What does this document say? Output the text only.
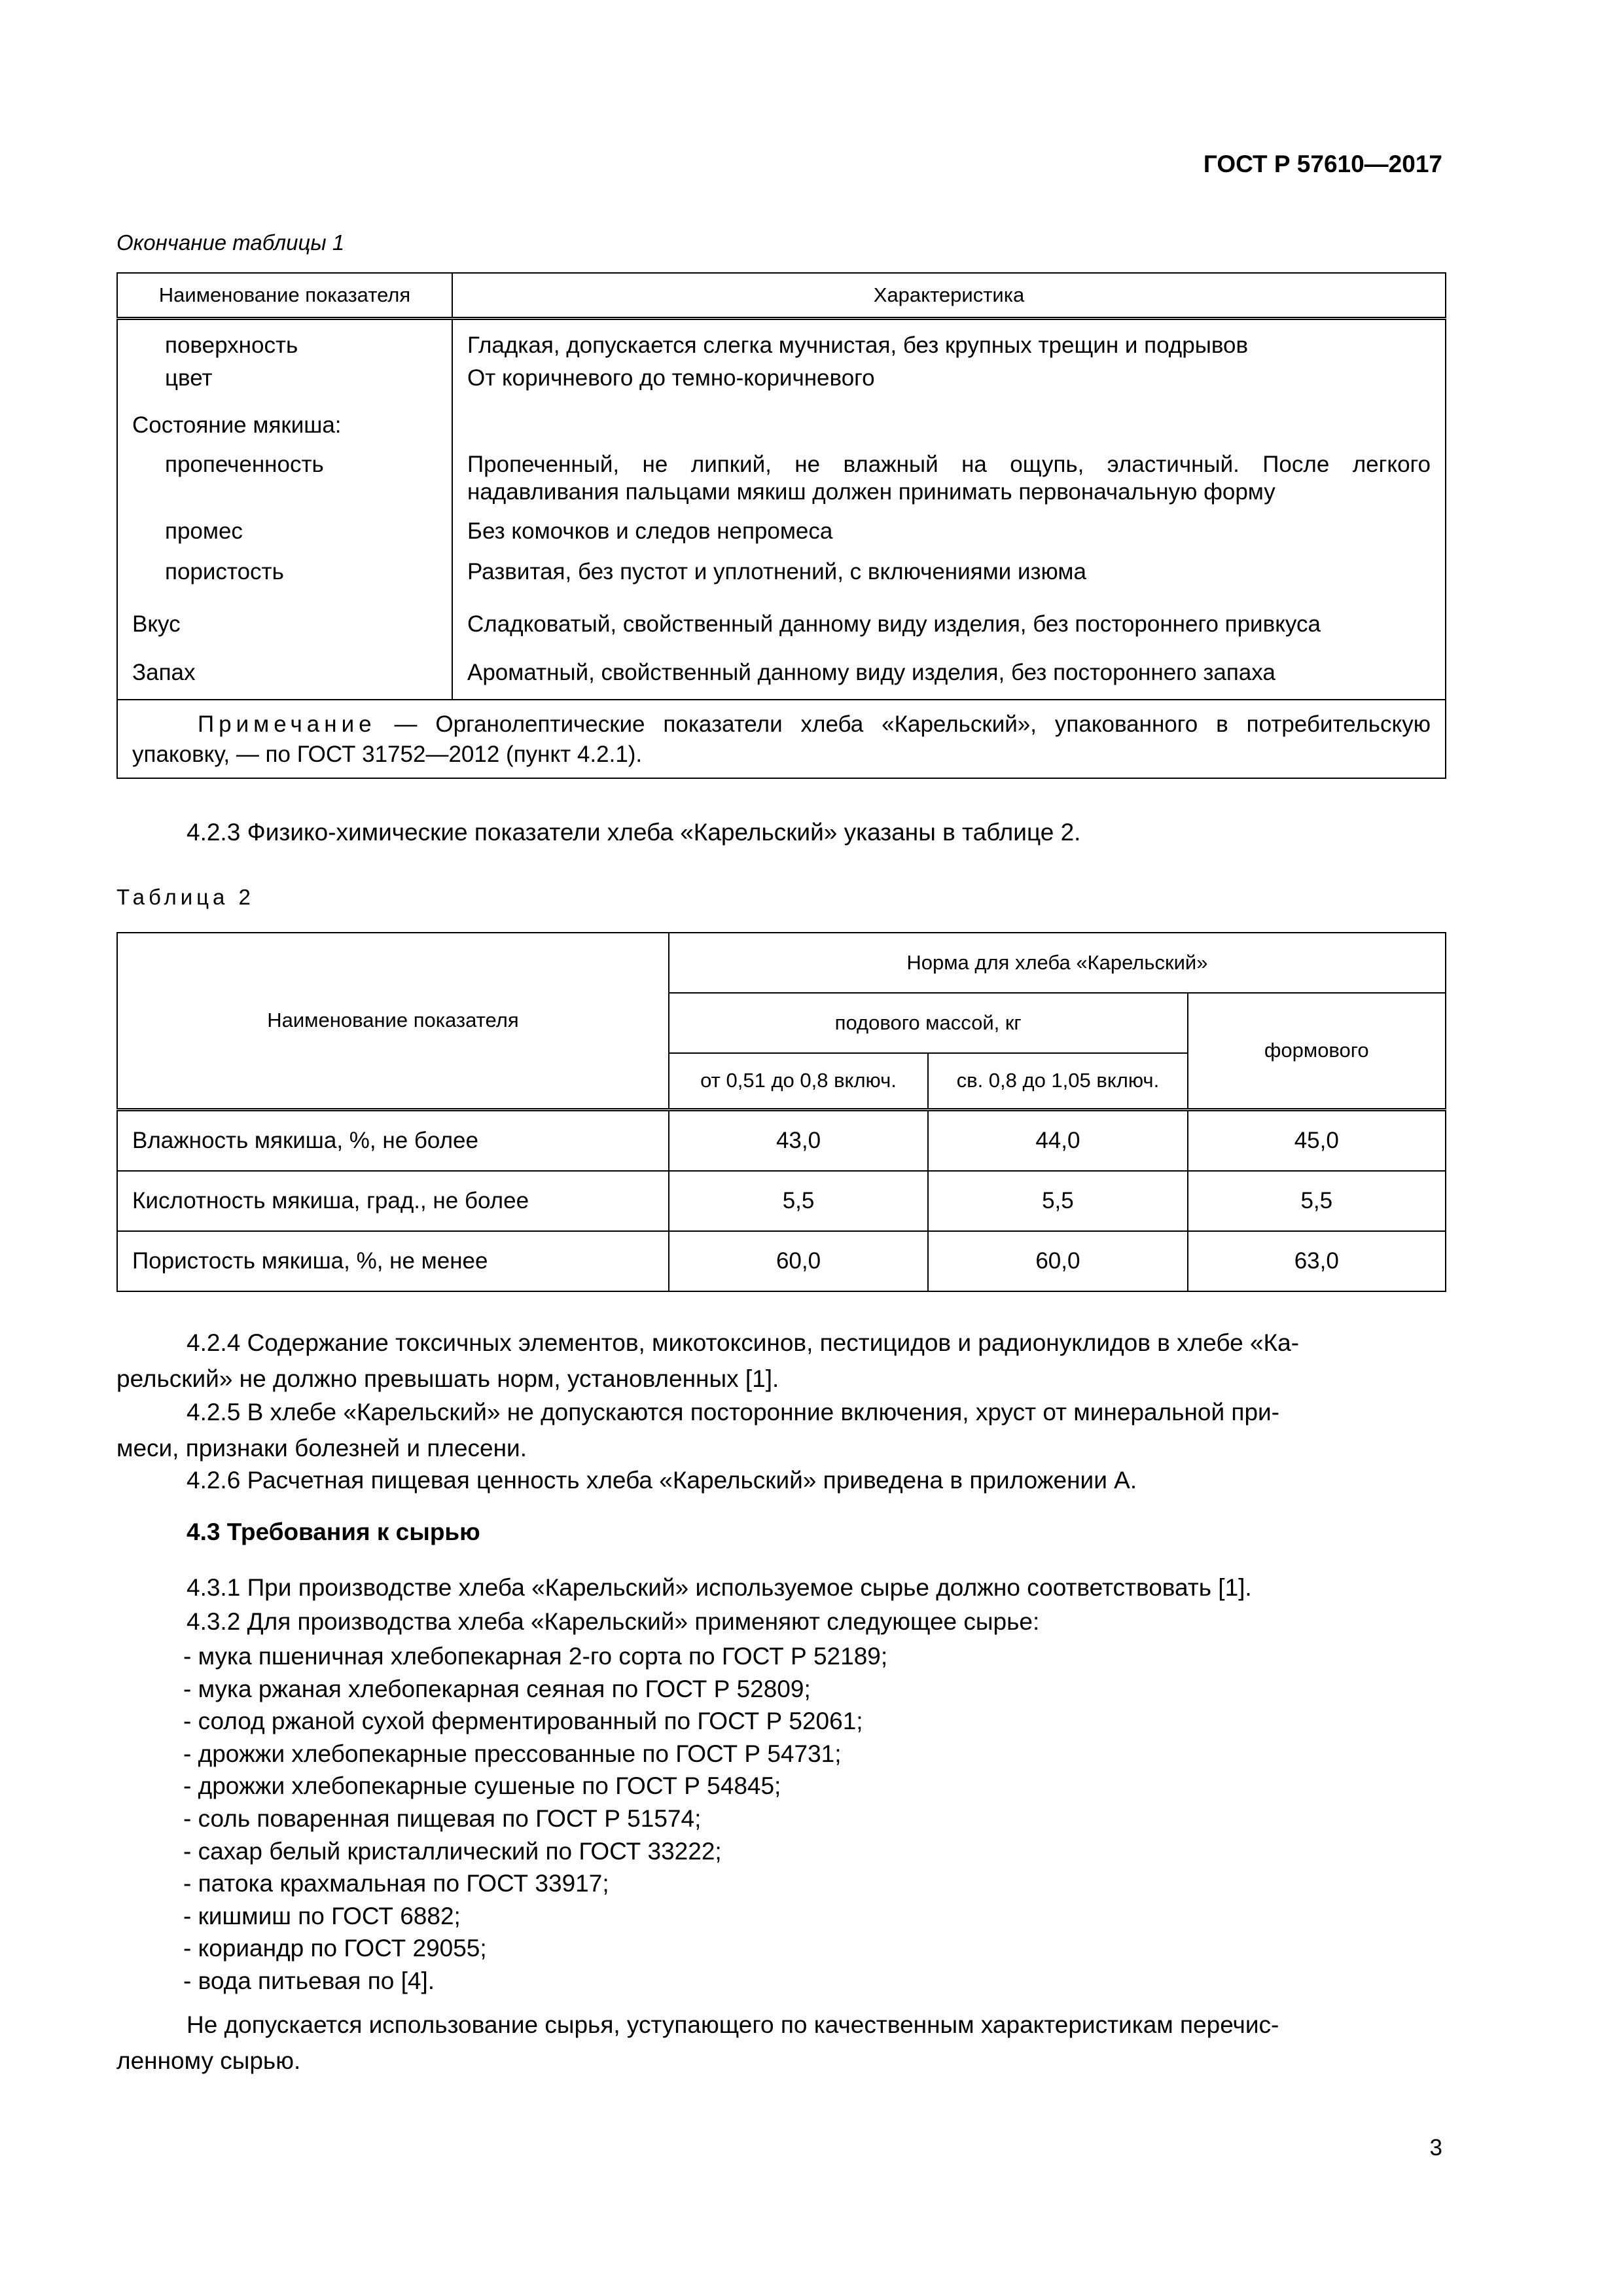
ГОСТ Р 57610—2017
Окончание таблицы 1
Наименование показателя	Характеристика
поверхность	Гладкая, допускается слегка мучнистая, без крупных трещин и подрывов
цвет	От коричневого до темно-коричневого
Состояние мякиша:	
пропеченность	Пропеченный, не липкий, не влажный на ощупь, эластичный. После легкого надавливания пальцами мякиш должен принимать первоначальную форму
промес	Без комочков и следов непромеса
пористость	Развитая, без пустот и уплотнений, с включениями изюма
Вкус	Сладковатый, свойственный данному виду изделия, без постороннего привкуса
Запах	Ароматный, свойственный данному виду изделия, без постороннего запаха
Примечание — Органолептические показатели хлеба «Карельский», упакованного в потребительскую упаковку, — по ГОСТ 31752—2012 (пункт 4.2.1).	
4.2.3 Физико-химические показатели хлеба «Карельский» указаны в таблице 2.
Таблица 2
Наименование показателя	Норма для хлеба «Карельский»		
	подового массой, кг		формового
	от 0,51 до 0,8 включ.	св. 0,8 до 1,05 включ.	
Влажность мякиша, %, не более	43,0	44,0	45,0
Кислотность мякиша, град., не более	5,5	5,5	5,5
Пористость мякиша, %, не менее	60,0	60,0	63,0
4.2.4 Содержание токсичных элементов, микотоксинов, пестицидов и радионуклидов в хлебе «Ка-
рельский» не должно превышать норм, установленных [1].
4.2.5 В хлебе «Карельский» не допускаются посторонние включения, хруст от минеральной при-
меси, признаки болезней и плесени.
4.2.6 Расчетная пищевая ценность хлеба «Карельский» приведена в приложении А.
4.3 Требования к сырью
4.3.1 При производстве хлеба «Карельский» используемое сырье должно соответствовать [1].
4.3.2 Для производства хлеба «Карельский» применяют следующее сырье:
- мука пшеничная хлебопекарная 2-го сорта по ГОСТ Р 52189;
- мука ржаная хлебопекарная сеяная по ГОСТ Р 52809;
- солод ржаной сухой ферментированный по ГОСТ Р 52061;
- дрожжи хлебопекарные прессованные по ГОСТ Р 54731;
- дрожжи хлебопекарные сушеные по ГОСТ Р 54845;
- соль поваренная пищевая по ГОСТ Р 51574;
- сахар белый кристаллический по ГОСТ 33222;
- патока крахмальная по ГОСТ 33917;
- кишмиш по ГОСТ 6882;
- кориандр по ГОСТ 29055;
- вода питьевая по [4].
Не допускается использование сырья, уступающего по качественным характеристикам перечис-
ленному сырью.
3
